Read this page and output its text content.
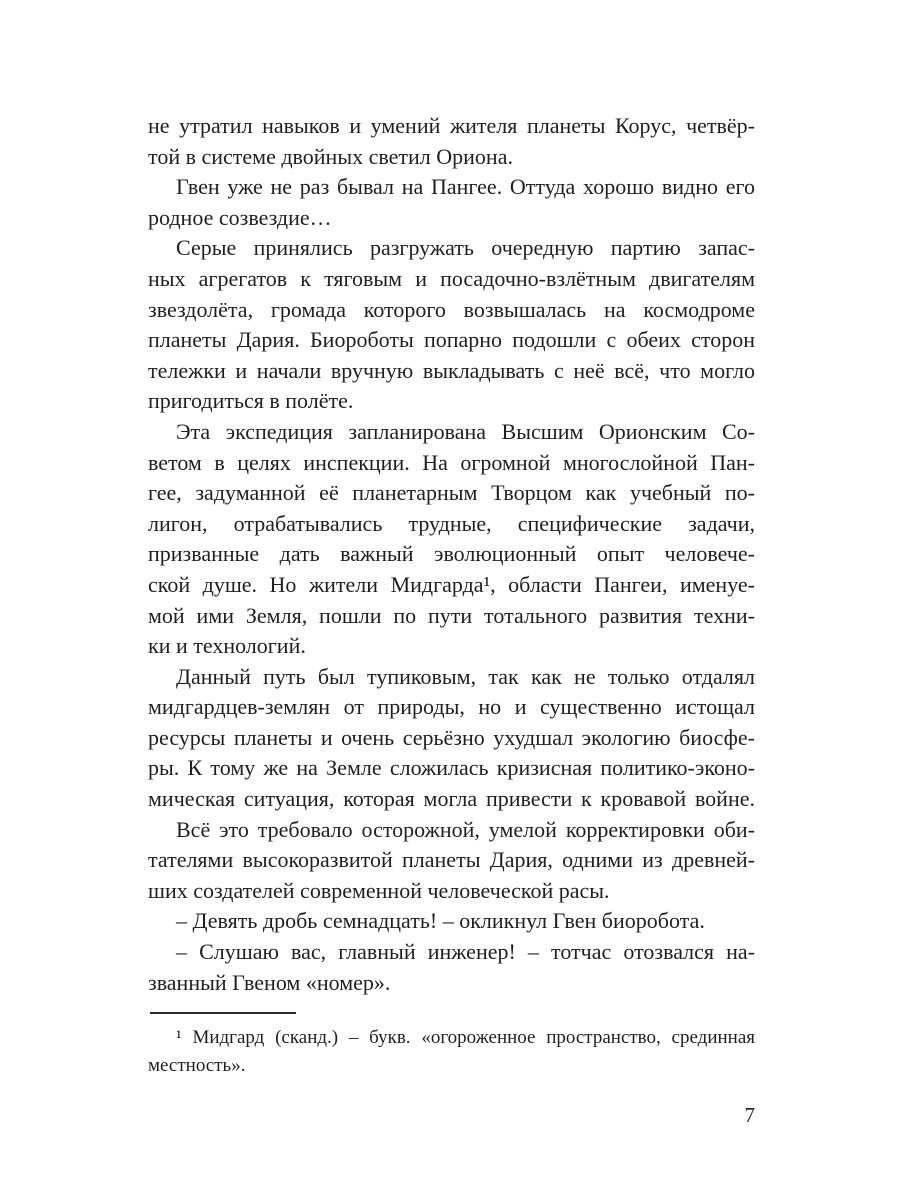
не утратил навыков и умений жителя планеты Корус, четвёр-
той в системе двойных светил Ориона.
Гвен уже не раз бывал на Пангее. Оттуда хорошо видно его
родное созвездие…
Серые принялись разгружать очередную партию запас-
ных агрегатов к тяговым и посадочно-взлётным двигателям
звездолёта, громада которого возвышалась на космодроме
планеты Дария. Биороботы попарно подошли с обеих сторон
тележки и начали вручную выкладывать с неё всё, что могло
пригодиться в полёте.
Эта экспедиция запланирована Высшим Орионским Со-
ветом в целях инспекции. На огромной многослойной Пан-
гее, задуманной её планетарным Творцом как учебный по-
лигон, отрабатывались трудные, специфические задачи,
призванные дать важный эволюционный опыт человече-
ской душе. Но жители Мидгарда¹, области Пангеи, именуе-
мой ими Земля, пошли по пути тотального развития техни-
ки и технологий.
Данный путь был тупиковым, так как не только отдалял
мидгардцев-землян от природы, но и существенно истощал
ресурсы планеты и очень серьёзно ухудшал экологию биосфе-
ры. К тому же на Земле сложилась кризисная политико-эконо-
мическая ситуация, которая могла привести к кровавой войне.
Всё это требовало осторожной, умелой корректировки оби-
тателями высокоразвитой планеты Дария, одними из древней-
ших создателей современной человеческой расы.
– Девять дробь семнадцать! – окликнул Гвен биоробота.
– Слушаю вас, главный инженер! – тотчас отозвался на-
званный Гвеном «номер».
¹ Мидгард (сканд.) – букв. «огороженное пространство, срединная
местность».
7
